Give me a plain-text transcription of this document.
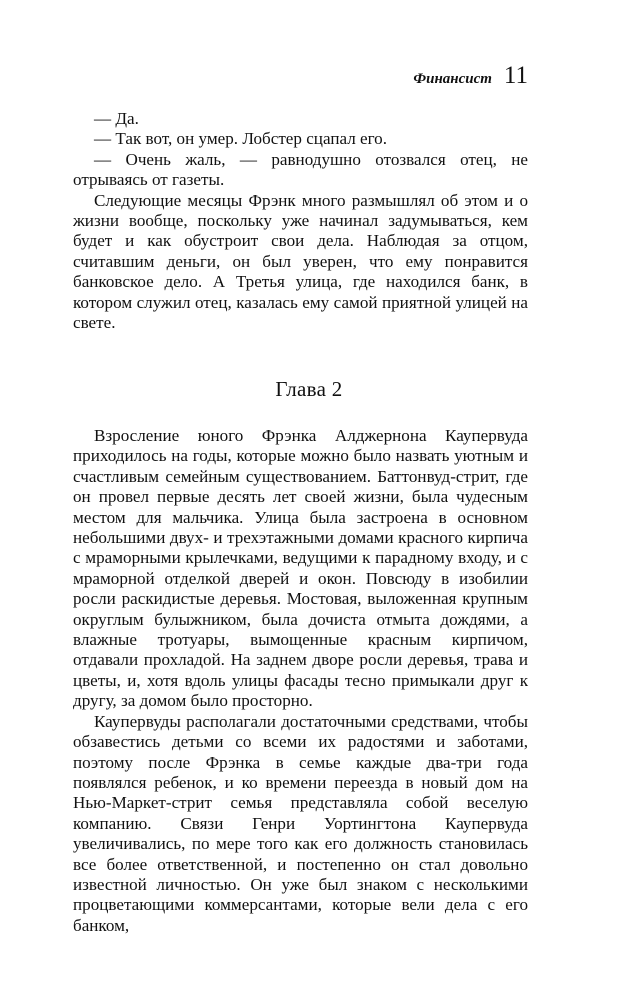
Финансист 11

— Да.

— Так вот, он умер. Лобстер сцапал его.

— Очень жаль, — равнодушно отозвался отец, не отрываясь от газеты.

Следующие месяцы Фрэнк много размышлял об этом и о жизни вообще, поскольку уже начинал задумываться, кем будет и как обустроит свои дела. Наблюдая за отцом, считавшим деньги, он был уверен, что ему понравится банковское дело. А Третья улица, где находился банк, в котором служил отец, казалась ему самой приятной улицей на свете.

Глава 2

Взросление юного Фрэнка Алджернона Каупервуда приходилось на годы, которые можно было назвать уютным и счастливым семейным существованием. Баттонвуд-стрит, где он провел первые десять лет своей жизни, была чудесным местом для мальчика. Улица была застроена в основном небольшими двух- и трехэтажными домами красного кирпича с мраморными крылечками, ведущими к парадному входу, и с мраморной отделкой дверей и окон. Повсюду в изобилии росли раскидистые деревья. Мостовая, выложенная крупным округлым булыжником, была дочиста отмыта дождями, а влажные тротуары, вымощенные красным кирпичом, отдавали прохладой. На заднем дворе росли деревья, трава и цветы, и, хотя вдоль улицы фасады тесно примыкали друг к другу, за домом было просторно.

Каупервуды располагали достаточными средствами, чтобы обзавестись детьми со всеми их радостями и заботами, поэтому после Фрэнка в семье каждые два-три года появлялся ребенок, и ко времени переезда в новый дом на Нью-Маркет-стрит семья представляла собой веселую компанию. Связи Генри Уортингтона Каупервуда увеличивались, по мере того как его должность становилась все более ответственной, и постепенно он стал довольно известной личностью. Он уже был знаком с несколькими процветающими коммерсантами, которые вели дела с его банком,
